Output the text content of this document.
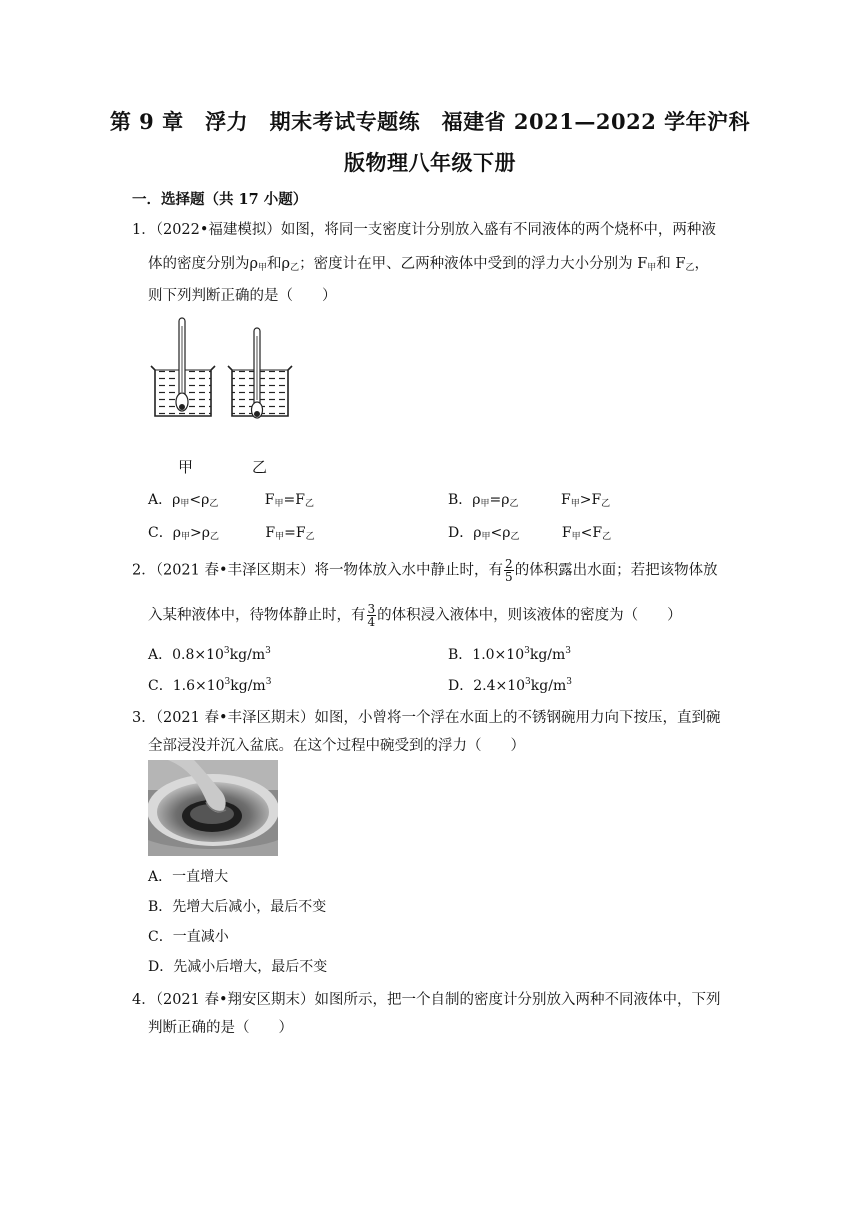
第 9 章　浮力　期末考试专题练　福建省 2021—2022 学年沪科
版物理八年级下册
一．选择题（共 17 小题）
1．（2022•福建模拟）如图，将同一支密度计分别放入盛有不同液体的两个烧杯中，两种液
体的密度分别为$\rho_甲$和$\rho_乙$；密度计在甲、乙两种液体中受到的浮力大小分别为 $F_甲$和 $F_乙$，
则下列判断正确的是（　　）
甲	乙
A．$\rho_甲<\rho_乙$	$F_甲=F_乙$	B．$\rho_甲=\rho_乙$	$F_甲>F_乙$
C．$\rho_甲>\rho_乙$	$F_甲=F_乙$	D．$\rho_甲<\rho_乙$	$F_甲<F_乙$
2．（2021 春•丰泽区期末）将一物体放入水中静止时，有 $\frac{2}{5}$ 的体积露出水面；若把该物体放
入某种液体中，待物体静止时，有 $\frac{3}{4}$ 的体积浸入液体中，则该液体的密度为（　　）
A．$0.8\times 10^3kg/m^3$	B．$1.0\times 10^3kg/m^3$
C．$1.6\times 10^3kg/m^3$	D．$2.4\times 10^3kg/m^3$
3．（2021 春•丰泽区期末）如图，小曾将一个浮在水面上的不锈钢碗用力向下按压，直到碗
全部浸没并沉入盆底。在这个过程中碗受到的浮力（　　）
A．一直增大
B．先增大后减小，最后不变
C．一直减小
D．先减小后增大，最后不变
4．（2021 春•翔安区期末）如图所示，把一个自制的密度计分别放入两种不同液体中，下列
判断正确的是（　　）
